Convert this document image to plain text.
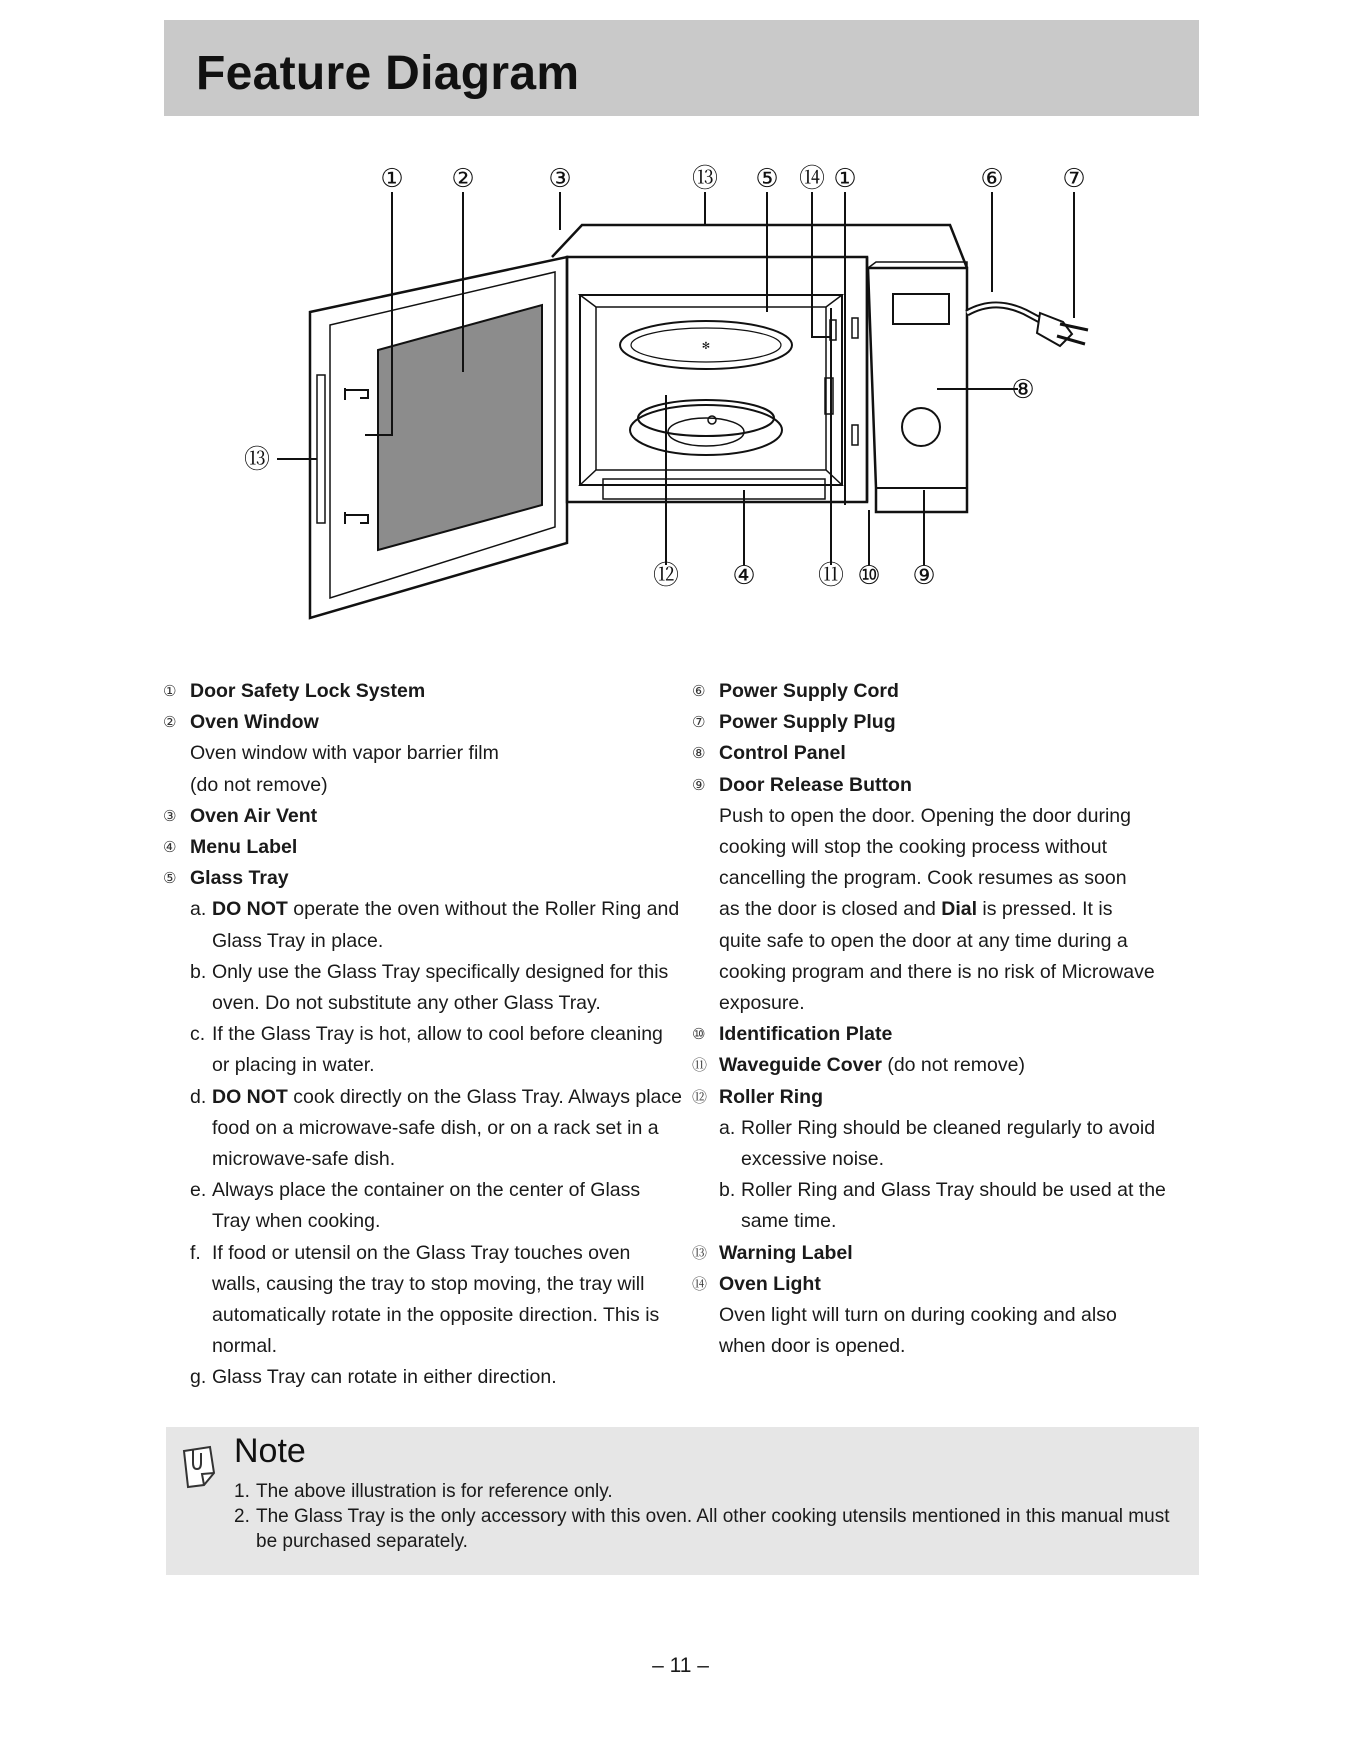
Feature Diagram
✻
① ②	③	⑬ ⑤ ⑭ ①	⑥ ⑦
⑧
⑬
⑫ ④ ⑪ ⑩ ⑨
① Door Safety Lock System
② Oven Window
Oven window with vapor barrier film
(do not remove)
③ Oven Air Vent
④ Menu Label
⑤ Glass Tray
a. DO NOT operate the oven without the Roller Ring and Glass Tray in place.
b. Only use the Glass Tray specifically designed for this oven. Do not substitute any other Glass Tray.
c. If the Glass Tray is hot, allow to cool before cleaning or placing in water.
d. DO NOT cook directly on the Glass Tray. Always place food on a microwave-safe dish, or on a rack set in a microwave-safe dish.
e. Always place the container on the center of Glass Tray when cooking.
f. If food or utensil on the Glass Tray touches oven walls, causing the tray to stop moving, the tray will automatically rotate in the opposite direction. This is normal.
g. Glass Tray can rotate in either direction.
⑥ Power Supply Cord
⑦ Power Supply Plug
⑧ Control Panel
⑨ Door Release Button
Push to open the door. Opening the door during
cooking will stop the cooking process without
cancelling the program. Cook resumes as soon
as the door is closed and Dial is pressed. It is
quite safe to open the door at any time during a
cooking program and there is no risk of Microwave
exposure.
⑩ Identification Plate
⑪ Waveguide Cover (do not remove)
⑫ Roller Ring
a. Roller Ring should be cleaned regularly to avoid excessive noise.
b. Roller Ring and Glass Tray should be used at the same time.
⑬ Warning Label
⑭ Oven Light
Oven light will turn on during cooking and also
when door is opened.
Note
1. The above illustration is for reference only.
2. The Glass Tray is the only accessory with this oven. All other cooking utensils mentioned in this manual must be purchased separately.
– 11 –
